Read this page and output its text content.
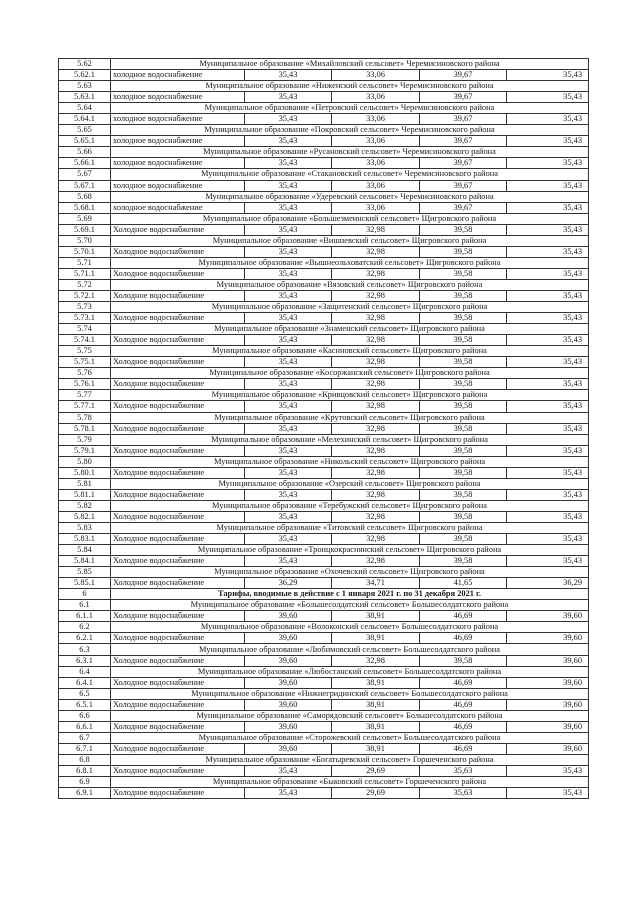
5.62	Муниципальное образование «Михайловский сельсовет» Черемисиновского района				
5.62.1	холодное водоснабжение	35,43	33,06	39,67	35,43
5.63	Муниципальное образование «Ниженский сельсовет» Черемисиновского района				
5.63.1	холодное водоснабжение	35,43	33,06	39,67	35,43
5.64	Муниципальное образование «Петровский сельсовет» Черемисиновского района				
5.64.1	холодное водоснабжение	35,43	33,06	39,67	35,43
5.65	Муниципальное образование «Покровский сельсовет» Черемисиновского района				
5.65.1	холодное водоснабжение	35,43	33,06	39,67	35,43
5.66	Муниципальное образование «Русановский сельсовет» Черемисиновского района				
5.66.1	холодное водоснабжение	35,43	33,06	39,67	35,43
5.67	Муниципальное образование «Стакановский сельсовет» Черемисиновского района				
5.67.1	холодное водоснабжение	35,43	33,06	39,67	35,43
5.68	Муниципальное образование «Удеревский сельсовет» Черемисиновского района				
5.68.1	холодное водоснабжение	35,43	33,06	39,67	35,43
5.69	Муниципальное образование «Большезмеинский сельсовет» Щигровского района				
5.69.1	Холодное водоснабжение	35,43	32,98	39,58	35,43
5.70	Муниципальное образование «Вишневский сельсовет» Щигровского района				
5.70.1	Холодное водоснабжение	35,43	32,98	39,58	35,43
5.71	Муниципальное образование «Вышнеольховатский сельсовет» Щигровского района				
5.71.1	Холодное водоснабжение	35,43	32,98	39,58	35,43
5.72	Муниципальное образование «Вязовский сельсовет» Щигровского района				
5.72.1	Холодное водоснабжение	35,43	32,98	39,58	35,43
5.73	Муниципальное образование «Защитенский сельсовет» Щигровского района				
5.73.1	Холодное водоснабжение	35,43	32,98	39,58	35,43
5.74	Муниципальное образование «Знаменский сельсовет» Щигровского района				
5.74.1	Холодное водоснабжение	35,43	32,98	39,58	35,43
5.75	Муниципальное образование «Касиновский сельсовет» Щигровского района				
5.75.1	Холодное водоснабжение	35,43	32,98	39,58	35,43
5.76	Муниципальное образование «Косоржанский сельсовет» Щигровского района				
5.76.1	Холодное водоснабжение	35,43	32,98	39,58	35,43
5.77	Муниципальное образование «Кривцовский сельсовет» Щигровского района				
5.77.1	Холодное водоснабжение	35,43	32,98	39,58	35,43
5.78	Муниципальное образование «Крутовский сельсовет» Щигровского района				
5.78.1	Холодное водоснабжение	35,43	32,98	39,58	35,43
5.79	Муниципальное образование «Мелехинский сельсовет» Щигровского района				
5.79.1	Холодное водоснабжение	35,43	32,98	39,58	35,43
5.80	Муниципальное образование «Никольский сельсовет» Щигровского района				
5.80.1	Холодное водоснабжение	35,43	32,98	39,58	35,43
5.81	Муниципальное образование «Озерский сельсовет» Щигровского района				
5.81.1	Холодное водоснабжение	35,43	32,98	39,58	35,43
5.82	Муниципальное образование «Теребужский сельсовет» Щигровского района				
5.82.1	Холодное водоснабжение	35,43	32,98	39,58	35,43
5.83	Муниципальное образование «Титовский сельсовет» Щигровского района				
5.83.1	Холодное водоснабжение	35,43	32,98	39,58	35,43
5.84	Муниципальное образование «Троицкокраснянский сельсовет» Щигровского района				
5.84.1	Холодное водоснабжение	35,43	32,98	39,58	35,43
5.85	Муниципальное образование «Охочевский сельсовет» Щигровского района				
5.85.1	Холодное водоснабжение	36,29	34,71	41,65	36,29
6	Тарифы, вводимые в действие с 1 января 2021 г. по 31 декабря 2021 г.				
6.1	Муниципальное образование «Большесолдатский сельсовет» Большесолдатского района				
6.1.1	Холодное водоснабжение	39,60	38,91	46,69	39,60
6.2	Муниципальное образование «Волоконский сельсовет» Большесолдатского района				
6.2.1	Холодное водоснабжение	39,60	38,91	46,69	39,60
6.3	Муниципальное образование «Любимовский сельсовет» Большесолдатского района				
6.3.1	Холодное водоснабжение	39,60	32,98	39,58	39,60
6.4	Муниципальное образование «Любостанский сельсовет» Большесолдатского района				
6.4.1	Холодное водоснабжение	39,60	38,91	46,69	39,60
6.5	Муниципальное образование «Нижнегридинский сельсовет» Большесолдатского района				
6.5.1	Холодное водоснабжение	39,60	38,91	46,69	39,60
6.6	Муниципальное образование «Саморядовский сельсовет» Большесолдатского района				
6.6.1	Холодное водоснабжение	39,60	38,91	46,69	39,60
6.7	Муниципальное образование «Сторожевский сельсовет» Большесолдатского района				
6.7.1	Холодное водоснабжение	39,60	38,91	46,69	39,60
6.8	Муниципальное образование «Богатыревский сельсовет» Горшеченского района				
6.8.1	Холодное водоснабжение	35,43	29,69	35,63	35,43
6.9	Муниципальное образование «Быковский сельсовет» Горшеченского района				
6.9.1	Холодное водоснабжение	35,43	29,69	35,63	35,43
